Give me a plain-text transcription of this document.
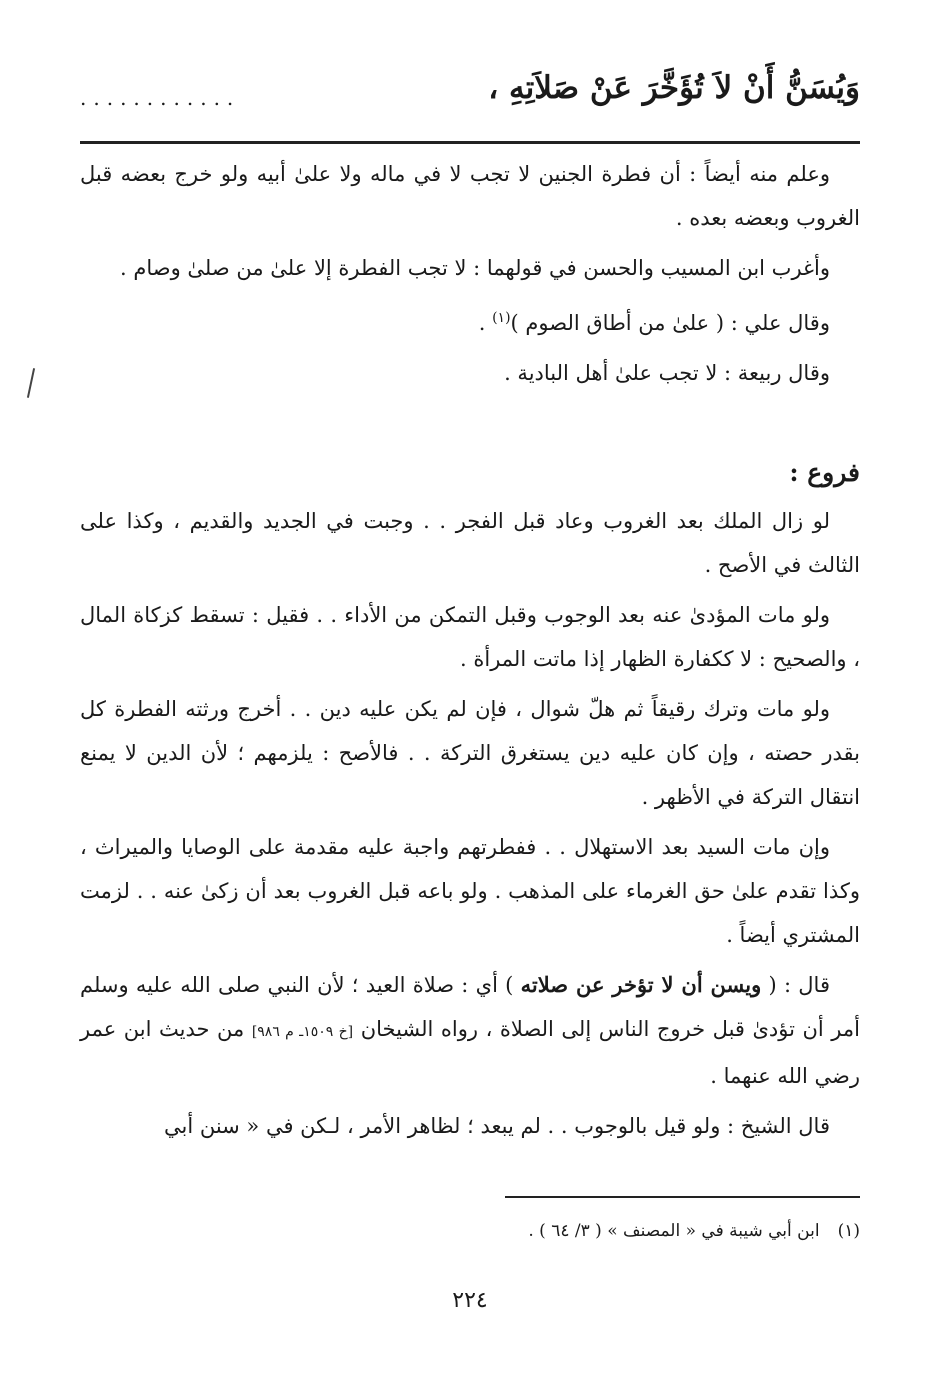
وَيُسَنُّ أَنْ لاَ تُؤَخَّرَ عَنْ صَلاَتِهِ ،
............

وعلم منه أيضاً : أن فطرة الجنين لا تجب لا في ماله ولا علىٰ أبيه ولو خرج بعضه قبل الغروب وبعضه بعده .

وأغرب ابن المسيب والحسن في قولهما : لا تجب الفطرة إلا علىٰ من صلىٰ وصام .

وقال علي : ( علىٰ من أطاق الصوم )$^{(١)}$ .

وقال ربيعة : لا تجب علىٰ أهل البادية .

فروع :

لو زال الملك بعد الغروب وعاد قبل الفجر . . وجبت في الجديد والقديم ، وكذا على الثالث في الأصح .

ولو مات المؤدىٰ عنه بعد الوجوب وقبل التمكن من الأداء . . فقيل : تسقط كزكاة المال ، والصحيح : لا ككفارة الظهار إذا ماتت المرأة .

ولو مات وترك رقيقاً ثم هلّ شوال ، فإن لم يكن عليه دين . . أخرج ورثته الفطرة كل بقدر حصته ، وإن كان عليه دين يستغرق التركة . . فالأصح : يلزمهم ؛ لأن الدين لا يمنع انتقال التركة في الأظهر .

وإن مات السيد بعد الاستهلال . . ففطرتهم واجبة عليه مقدمة على الوصايا والميراث ، وكذا تقدم علىٰ حق الغرماء على المذهب . ولو باعه قبل الغروب بعد أن زكىٰ عنه . . لزمت المشتري أيضاً .

قال : ( ويسن أن لا تؤخر عن صلاته ) أي : صلاة العيد ؛ لأن النبي صلى الله عليه وسلم أمر أن تؤدىٰ قبل خروج الناس إلى الصلاة ، رواه الشيخان [خ ١٥٠٩ـ م ٩٨٦] من حديث ابن عمر رضي الله عنهما .

قال الشيخ : ولو قيل بالوجوب . . لم يبعد ؛ لظاهر الأمر ، لـكن في « سنن أبي

(١)ابن أبي شيبة في « المصنف » ( ٣/ ٦٤ ) .
٢٢٤
